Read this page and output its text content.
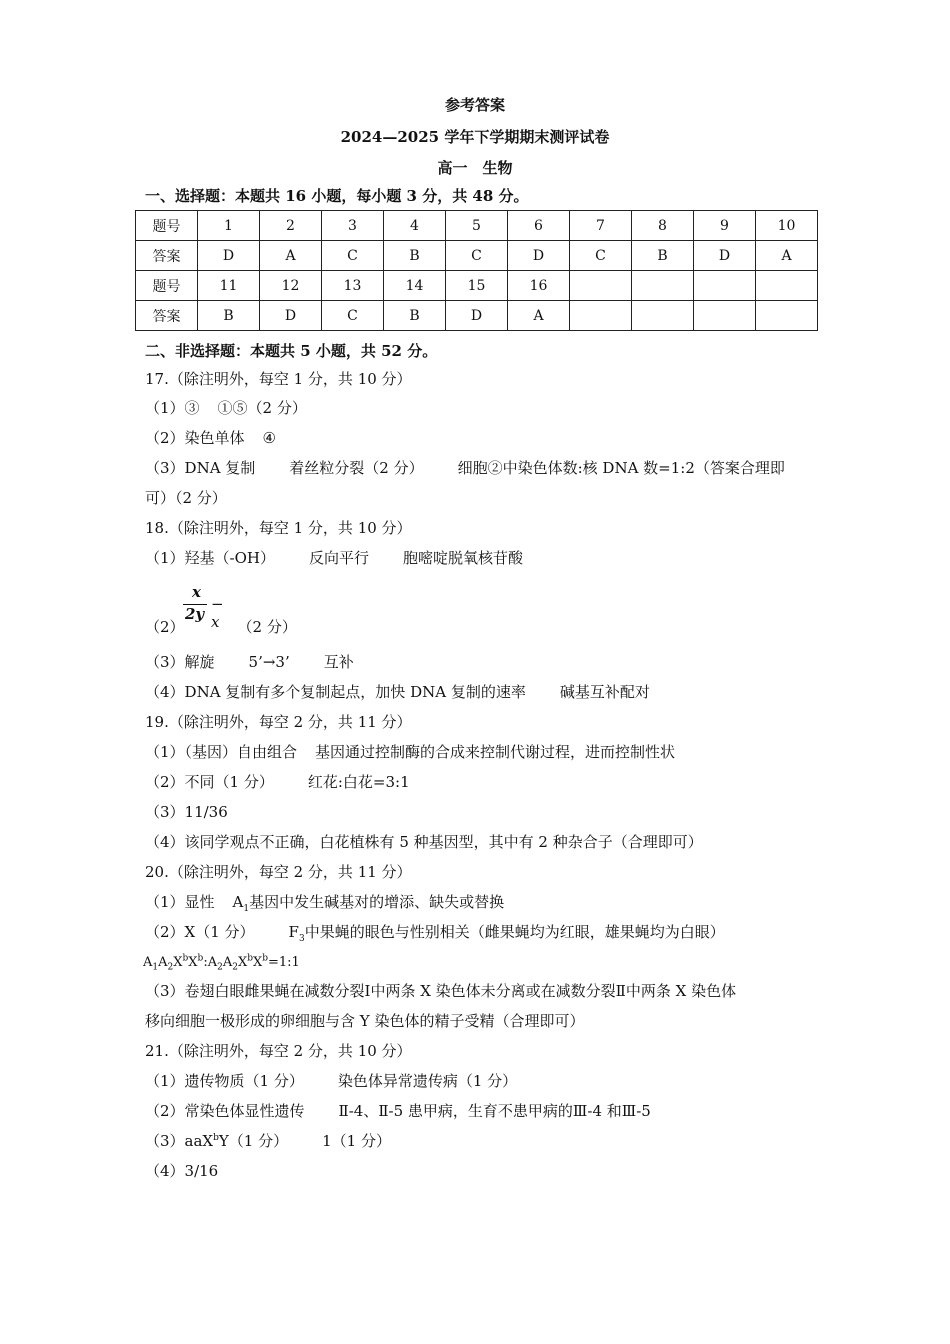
参考答案
2024—2025 学年下学期期末测评试卷
高一　生物
一、选择题：本题共 16 小题，每小题 3 分，共 48 分。
题号	1	2	3	4	5	6	7	8	9	10
答案	D	A	C	B	C	D	C	B	D	A
题号	11	12	13	14	15	16				
答案	B	D	C	B	D	A				
二、非选择题：本题共 5 小题，共 52 分。
17.（除注明外，每空 1 分，共 10 分）
（1）③ ①⑤（2 分）
（2）染色单体 ④
（3）DNA 复制 着丝粒分裂（2 分） 细胞②中染色体数:核 DNA 数=1:2（答案合理即
可）（2 分）
18.（除注明外，每空 1 分，共 10 分）
（1）羟基（-OH） 反向平行 胞嘧啶脱氧核苷酸
x
2y
− x
（2）	（2 分）
（3）解旋 5’→3’ 互补
（4）DNA 复制有多个复制起点，加快 DNA 复制的速率 碱基互补配对
19.（除注明外，每空 2 分，共 11 分）
（1）（基因）自由组合 基因通过控制酶的合成来控制代谢过程，进而控制性状
（2）不同（1 分） 红花:白花=3:1
（3）11/36
（4）该同学观点不正确，白花植株有 5 种基因型，其中有 2 种杂合子（合理即可）
20.（除注明外，每空 2 分，共 11 分）
（1）显性 $A_1$基因中发生碱基对的增添、缺失或替换
（2）X（1 分） $F_3$中果蝇的眼色与性别相关（雌果蝇均为红眼，雄果蝇均为白眼）
$A_1A_2X^bX^b:A_2A_2X^bX^b=1:1$
（3）卷翅白眼雌果蝇在减数分裂Ⅰ中两条 X 染色体未分离或在减数分裂Ⅱ中两条 X 染色体
移向细胞一极形成的卵细胞与含 Y 染色体的精子受精（合理即可）
21.（除注明外，每空 2 分，共 10 分）
（1）遗传物质（1 分） 染色体异常遗传病（1 分）
（2）常染色体显性遗传 Ⅱ-4、Ⅱ-5 患甲病，生育不患甲病的Ⅲ-4 和Ⅲ-5
（3）aaX$^b$Y（1 分） 1（1 分）
（4）3/16
